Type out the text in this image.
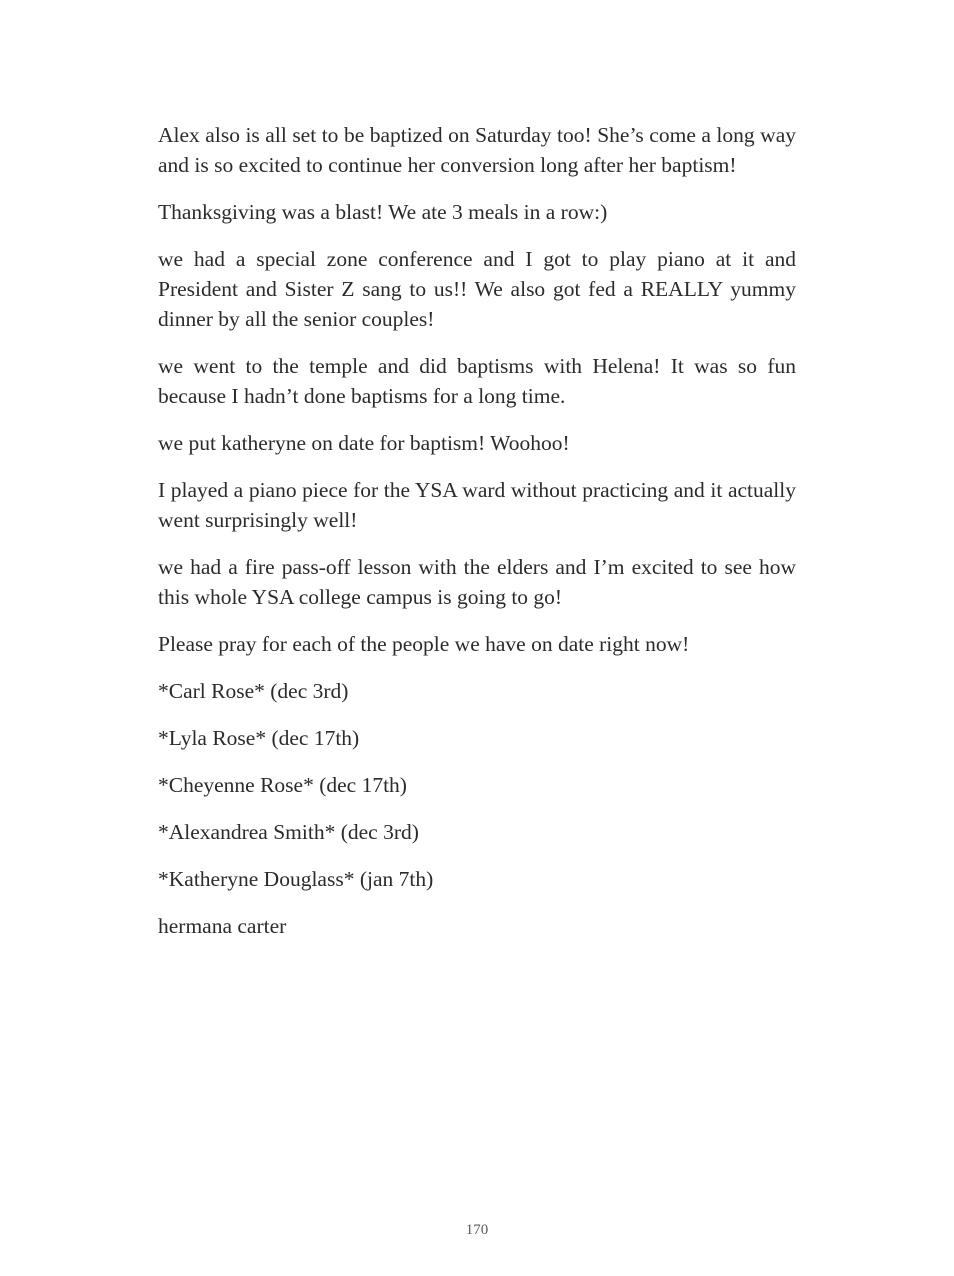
Alex also is all set to be baptized on Saturday too! She’s come a long way and is so excited to continue her conversion long after her baptism!

Thanksgiving was a blast! We ate 3 meals in a row:)

we had a special zone conference and I got to play piano at it and President and Sister Z sang to us!! We also got fed a REALLY yummy dinner by all the senior couples!

we went to the temple and did baptisms with Helena! It was so fun because I hadn’t done baptisms for a long time.

we put katheryne on date for baptism! Woohoo!

I played a piano piece for the YSA ward without practicing and it actually went surprisingly well!

we had a fire pass-off lesson with the elders and I’m excited to see how this whole YSA college campus is going to go!

Please pray for each of the people we have on date right now!

*Carl Rose* (dec 3rd)

*Lyla Rose* (dec 17th)

*Cheyenne Rose* (dec 17th)

*Alexandrea Smith* (dec 3rd)

*Katheryne Douglass* (jan 7th)

hermana carter

170
